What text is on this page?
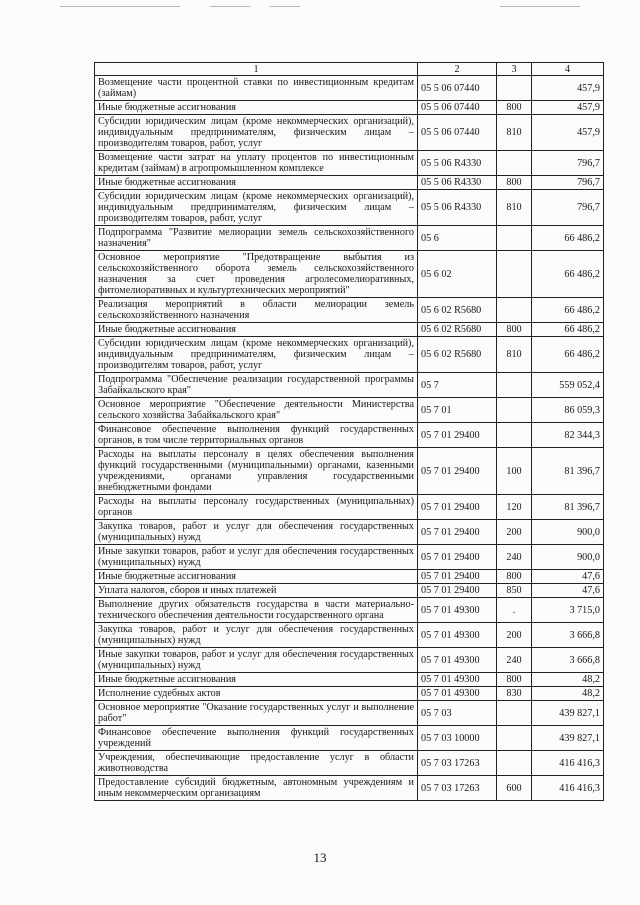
1	2	3	4
Возмещение части процентной ставки по инвестиционным кредитам (займам)	05 5 06 07440		457,9
Иные бюджетные ассигнования	05 5 06 07440	800	457,9
Субсидии юридическим лицам (кроме некоммерческих организаций), индивидуальным предпринимателям, физическим лицам – производителям товаров, работ, услуг	05 5 06 07440	810	457,9
Возмещение части затрат на уплату процентов по инвестиционным кредитам (займам) в агропромышленном комплексе	05 5 06 R4330		796,7
Иные бюджетные ассигнования	05 5 06 R4330	800	796,7
Субсидии юридическим лицам (кроме некоммерческих организаций), индивидуальным предпринимателям, физическим лицам – производителям товаров, работ, услуг	05 5 06 R4330	810	796,7
Подпрограмма "Развитие мелиорации земель сельскохозяйственного назначения"	05 6		66 486,2
Основное мероприятие "Предотвращение выбытия из сельскохозяйственного оборота земель сельскохозяйственного назначения за счет проведения агролесомелиоративных, фитомелиоративных и культуртехнических мероприятий"	05 6 02		66 486,2
Реализация мероприятий в области мелиорации земель сельскохозяйственного назначения	05 6 02 R5680		66 486,2
Иные бюджетные ассигнования	05 6 02 R5680	800	66 486,2
Субсидии юридическим лицам (кроме некоммерческих организаций), индивидуальным предпринимателям, физическим лицам – производителям товаров, работ, услуг	05 6 02 R5680	810	66 486,2
Подпрограмма "Обеспечение реализации государственной программы Забайкальского края"	05 7		559 052,4
Основное мероприятие "Обеспечение деятельности Министерства сельского хозяйства Забайкальского края"	05 7 01		86 059,3
Финансовое обеспечение выполнения функций государственных органов, в том числе территориальных органов	05 7 01 29400		82 344,3
Расходы на выплаты персоналу в целях обеспечения выполнения функций государственными (муниципальными) органами, казенными учреждениями, органами управления государственными внебюджетными фондами	05 7 01 29400	100	81 396,7
Расходы на выплаты персоналу государственных (муниципальных) органов	05 7 01 29400	120	81 396,7
Закупка товаров, работ и услуг для обеспечения государственных (муниципальных) нужд	05 7 01 29400	200	900,0
Иные закупки товаров, работ и услуг для обеспечения государственных (муниципальных) нужд	05 7 01 29400	240	900,0
Иные бюджетные ассигнования	05 7 01 29400	800	47,6
Уплата налогов, сборов и иных платежей	05 7 01 29400	850	47,6
Выполнение других обязательств государства в части материально-технического обеспечения деятельности государственного органа	05 7 01 49300	.	3 715,0
Закупка товаров, работ и услуг для обеспечения государственных (муниципальных) нужд	05 7 01 49300	200	3 666,8
Иные закупки товаров, работ и услуг для обеспечения государственных (муниципальных) нужд	05 7 01 49300	240	3 666,8
Иные бюджетные ассигнования	05 7 01 49300	800	48,2
Исполнение судебных актов	05 7 01 49300	830	48,2
Основное мероприятие "Оказание государственных услуг и выполнение работ"	05 7 03		439 827,1
Финансовое обеспечение выполнения функций государственных учреждений	05 7 03 10000		439 827,1
Учреждения, обеспечивающие предоставление услуг в области животноводства	05 7 03 17263		416 416,3
Предоставление субсидий бюджетным, автономным учреждениям и иным некоммерческим организациям	05 7 03 17263	600	416 416,3
13
